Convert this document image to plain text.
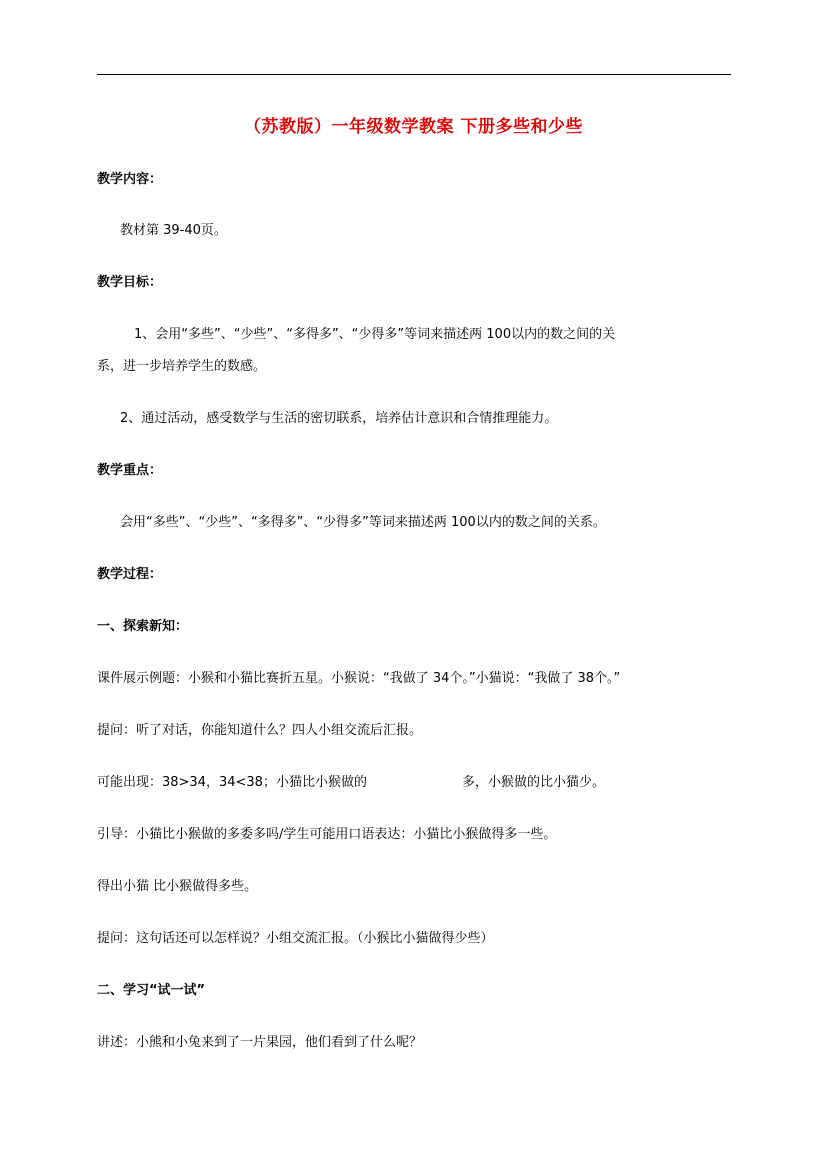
（苏教版）一年级数学教案 下册多些和少些
教学内容：
教材第 39-40页。
教学目标：
1、会用“多些”、“少些”、“多得多”、“少得多”等词来描述两 100以内的数之间的关
系，进一步培养学生的数感。
2、通过活动，感受数学与生活的密切联系，培养估计意识和合情推理能力。
教学重点：
会用“多些”、“少些”、“多得多”、“少得多”等词来描述两 100以内的数之间的关系。
教学过程：
一、探索新知：
课件展示例题：小猴和小猫比赛折五星。小猴说：“我做了 34个。”小猫说：“我做了 38个。”
提问：听了对话，你能知道什么？四人小组交流后汇报。
可能出现：38>34，34<38；小猫比小猴做的	多，小猴做的比小猫少。
引导：小猫比小猴做的多委多吗/学生可能用口语表达：小猫比小猴做得多一些。
得出小猫 比小猴做得多些。
提问：这句话还可以怎样说？小组交流汇报。（小猴比小猫做得少些）
二、学习“试一试”
讲述：小熊和小兔来到了一片果园，他们看到了什么呢？
